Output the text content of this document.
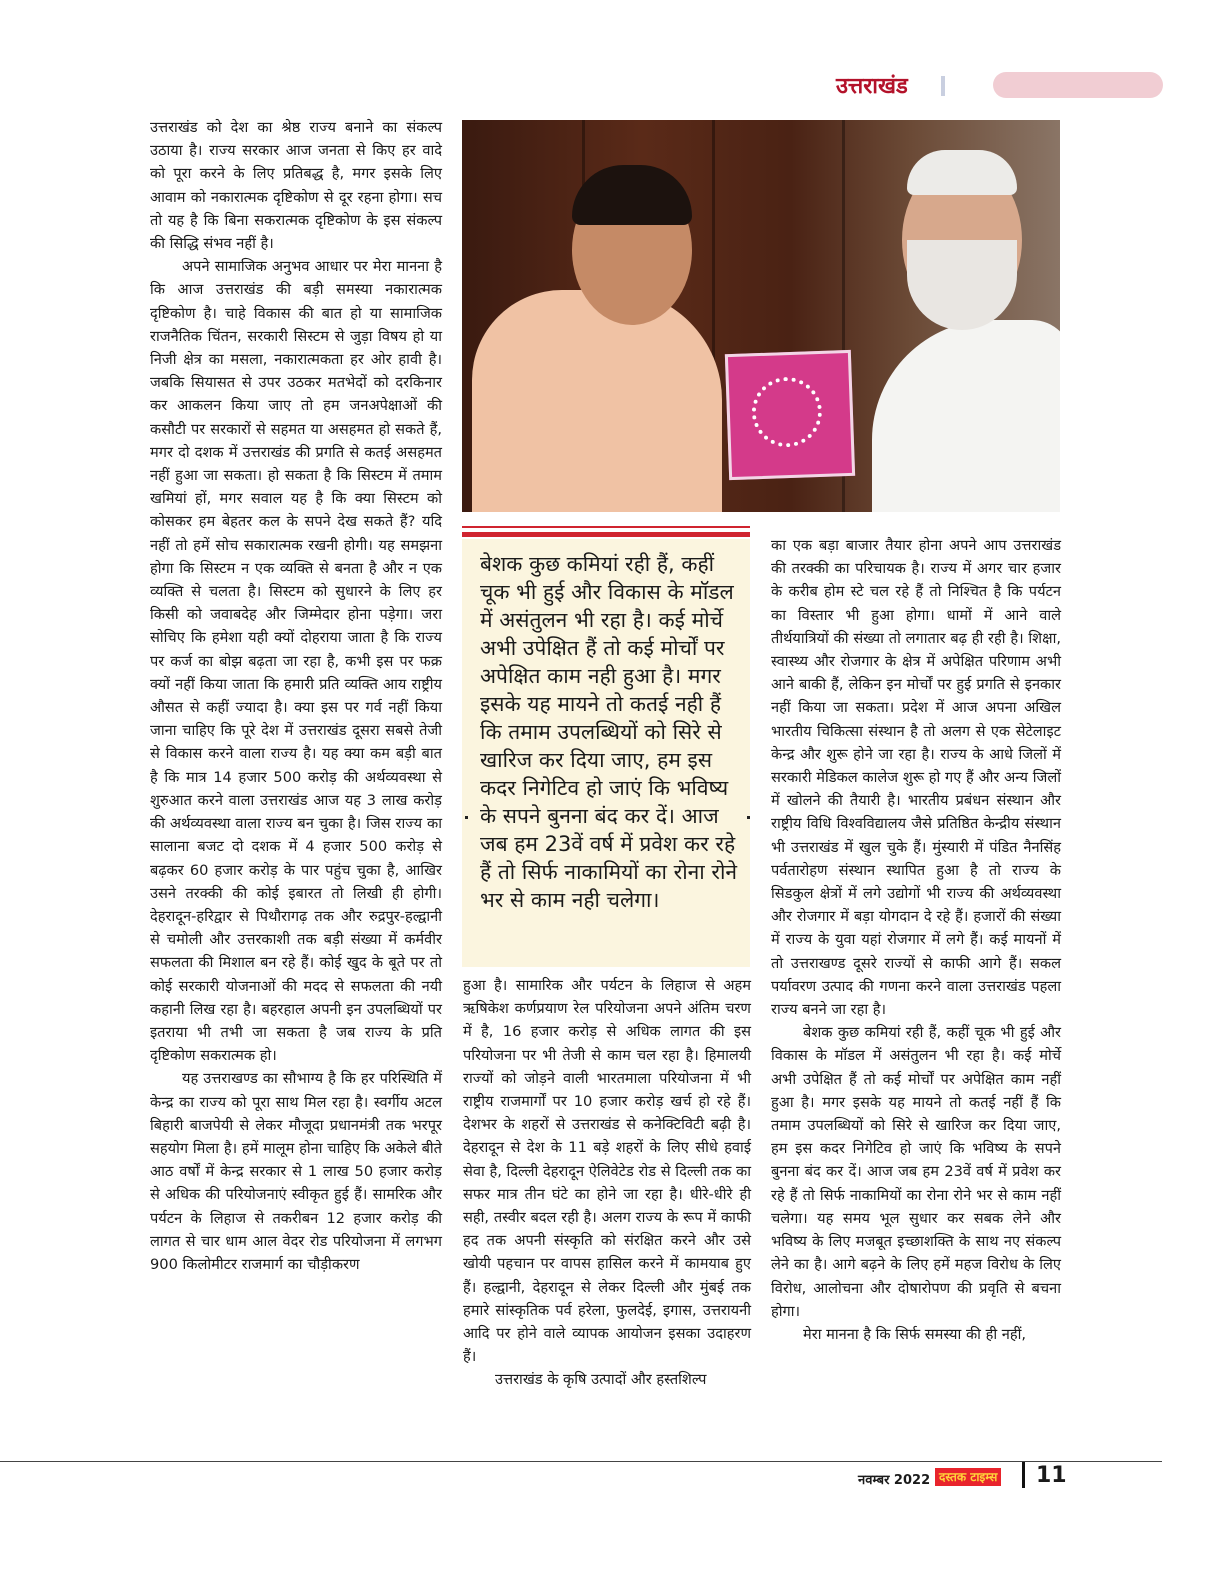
उत्तराखंड

उत्तराखंड को देश का श्रेष्ठ राज्य बनाने का संकल्प उठाया है। राज्य सरकार आज जनता से किए हर वादे को पूरा करने के लिए प्रतिबद्ध है, मगर इसके लिए आवाम को नकारात्मक दृष्टिकोण से दूर रहना होगा। सच तो यह है कि बिना सकरात्मक दृष्टिकोण के इस संकल्प की सिद्धि संभव नहीं है।

अपने सामाजिक अनुभव आधार पर मेरा मानना है कि आज उत्तराखंड की बड़ी समस्या नकारात्मक दृष्टिकोण है। चाहे विकास की बात हो या सामाजिक राजनैतिक चिंतन, सरकारी सिस्टम से जुड़ा विषय हो या निजी क्षेत्र का मसला, नकारात्मकता हर ओर हावी है। जबकि सियासत से उपर उठकर मतभेदों को दरकिनार कर आकलन किया जाए तो हम जनअपेक्षाओं की कसौटी पर सरकारों से सहमत या असहमत हो सकते हैं, मगर दो दशक में उत्तराखंड की प्रगति से कतई असहमत नहीं हुआ जा सकता। हो सकता है कि सिस्टम में तमाम खमियां हों, मगर सवाल यह है कि क्या सिस्टम को कोसकर हम बेहतर कल के सपने देख सकते हैं? यदि नहीं तो हमें सोच सकारात्मक रखनी होगी। यह समझना होगा कि सिस्टम न एक व्यक्ति से बनता है और न एक व्यक्ति से चलता है। सिस्टम को सुधारने के लिए हर किसी को जवाबदेह और जिम्मेदार होना पड़ेगा। जरा सोचिए कि हमेशा यही क्यों दोहराया जाता है कि राज्य पर कर्ज का बोझ बढ़ता जा रहा है, कभी इस पर फक्र क्यों नहीं किया जाता कि हमारी प्रति व्यक्ति आय राष्ट्रीय औसत से कहीं ज्यादा है। क्या इस पर गर्व नहीं किया जाना चाहिए कि पूरे देश में उत्तराखंड दूसरा सबसे तेजी से विकास करने वाला राज्य है। यह क्या कम बड़ी बात है कि मात्र 14 हजार 500 करोड़ की अर्थव्यवस्था से शुरुआत करने वाला उत्तराखंड आज यह 3 लाख करोड़ की अर्थव्यवस्था वाला राज्य बन चुका है। जिस राज्य का सालाना बजट दो दशक में 4 हजार 500 करोड़ से बढ़कर 60 हजार करोड़ के पार पहुंच चुका है, आखिर उसने तरक्की की कोई इबारत तो लिखी ही होगी। देहरादून-हरिद्वार से पिथौरागढ़ तक और रुद्रपुर-हल्द्वानी से चमोली और उत्तरकाशी तक बड़ी संख्या में कर्मवीर सफलता की मिशाल बन रहे हैं। कोई खुद के बूते पर तो कोई सरकारी योजनाओं की मदद से सफलता की नयी कहानी लिख रहा है। बहरहाल अपनी इन उपलब्धियों पर इतराया भी तभी जा सकता है जब राज्य के प्रति दृष्टिकोण सकरात्मक हो।

यह उत्तराखण्ड का सौभाग्य है कि हर परिस्थिति में केन्द्र का राज्य को पूरा साथ मिल रहा है। स्वर्गीय अटल बिहारी बाजपेयी से लेकर मौजूदा प्रधानमंत्री तक भरपूर सहयोग मिला है। हमें मालूम होना चाहिए कि अकेले बीते आठ वर्षों में केन्द्र सरकार से 1 लाख 50 हजार करोड़ से अधिक की परियोजनाएं स्वीकृत हुई हैं। सामरिक और पर्यटन के लिहाज से तकरीबन 12 हजार करोड़ की लागत से चार धाम आल वेदर रोड परियोजना में लगभग 900 किलोमीटर राजमार्ग का चौड़ीकरण

बेशक कुछ कमियां रही हैं, कहीं चूक भी हुई और विकास के मॉडल में असंतुलन भी रहा है। कई मोर्चे अभी उपेक्षित हैं तो कई मोर्चों पर अपेक्षित काम नही हुआ है। मगर इसके यह मायने तो कतई नही हैं कि तमाम उपलब्धियों को सिरे से खारिज कर दिया जाए, हम इस कदर निगेटिव हो जाएं कि भविष्य के सपने बुनना बंद कर दें। आज जब हम 23वें वर्ष में प्रवेश कर रहे हैं तो सिर्फ नाकामियों का रोना रोने भर से काम नही चलेगा।

हुआ है। सामारिक और पर्यटन के लिहाज से अहम ऋषिकेश कर्णप्रयाण रेल परियोजना अपने अंतिम चरण में है, 16 हजार करोड़ से अधिक लागत की इस परियोजना पर भी तेजी से काम चल रहा है। हिमालयी राज्यों को जोड़ने वाली भारतमाला परियोजना में भी राष्ट्रीय राजमार्गों पर 10 हजार करोड़ खर्च हो रहे हैं। देशभर के शहरों से उत्तराखंड से कनेक्टिविटी बढ़ी है। देहरादून से देश के 11 बड़े शहरों के लिए सीधे हवाई सेवा है, दिल्ली देहरादून ऐलिवेटेड रोड से दिल्ली तक का सफर मात्र तीन घंटे का होने जा रहा है। धीरे-धीरे ही सही, तस्वीर बदल रही है। अलग राज्य के रूप में काफी हद तक अपनी संस्कृति को संरक्षित करने और उसे खोयी पहचान पर वापस हासिल करने में कामयाब हुए हैं। हल्द्वानी, देहरादून से लेकर दिल्ली और मुंबई तक हमारे सांस्कृतिक पर्व हरेला, फुलदेई, इगास, उत्तरायनी आदि पर होने वाले व्यापक आयोजन इसका उदाहरण हैं।

उत्तराखंड के कृषि उत्पादों और हस्तशिल्प

का एक बड़ा बाजार तैयार होना अपने आप उत्तराखंड की तरक्की का परिचायक है। राज्य में अगर चार हजार के करीब होम स्टे चल रहे हैं तो निश्चित है कि पर्यटन का विस्तार भी हुआ होगा। धामों में आने वाले तीर्थयात्रियों की संख्या तो लगातार बढ़ ही रही है। शिक्षा, स्वास्थ्य और रोजगार के क्षेत्र में अपेक्षित परिणाम अभी आने बाकी हैं, लेकिन इन मोर्चों पर हुई प्रगति से इनकार नहीं किया जा सकता। प्रदेश में आज अपना अखिल भारतीय चिकित्सा संस्थान है तो अलग से एक सेटेलाइट केन्द्र और शुरू होने जा रहा है। राज्य के आधे जिलों में सरकारी मेडिकल कालेज शुरू हो गए हैं और अन्य जिलों में खोलने की तैयारी है। भारतीय प्रबंधन संस्थान और राष्ट्रीय विधि विश्वविद्यालय जैसे प्रतिष्ठित केन्द्रीय संस्थान भी उत्तराखंड में खुल चुके हैं। मुंस्यारी में पंडित नैनसिंह पर्वतारोहण संस्थान स्थापित हुआ है तो राज्य के सिडकुल क्षेत्रों में लगे उद्योगों भी राज्य की अर्थव्यवस्था और रोजगार में बड़ा योगदान दे रहे हैं। हजारों की संख्या में राज्य के युवा यहां रोजगार में लगे हैं। कई मायनों में तो उत्तराखण्ड दूसरे राज्यों से काफी आगे हैं। सकल पर्यावरण उत्पाद की गणना करने वाला उत्तराखंड पहला राज्य बनने जा रहा है।

बेशक कुछ कमियां रही हैं, कहीं चूक भी हुई और विकास के मॉडल में असंतुलन भी रहा है। कई मोर्चे अभी उपेक्षित हैं तो कई मोर्चों पर अपेक्षित काम नहीं हुआ है। मगर इसके यह मायने तो कतई नहीं हैं कि तमाम उपलब्धियों को सिरे से खारिज कर दिया जाए, हम इस कदर निगेटिव हो जाएं कि भविष्य के सपने बुनना बंद कर दें। आज जब हम 23वें वर्ष में प्रवेश कर रहे हैं तो सिर्फ नाकामियों का रोना रोने भर से काम नहीं चलेगा। यह समय भूल सुधार कर सबक लेने और भविष्य के लिए मजबूत इच्छाशक्ति के साथ नए संकल्प लेने का है। आगे बढ़ने के लिए हमें महज विरोध के लिए विरोध, आलोचना और दोषारोपण की प्रवृति से बचना होगा।

मेरा मानना है कि सिर्फ समस्या की ही नहीं,

नवम्बर 2022 दस्तक टाइम्स 11
